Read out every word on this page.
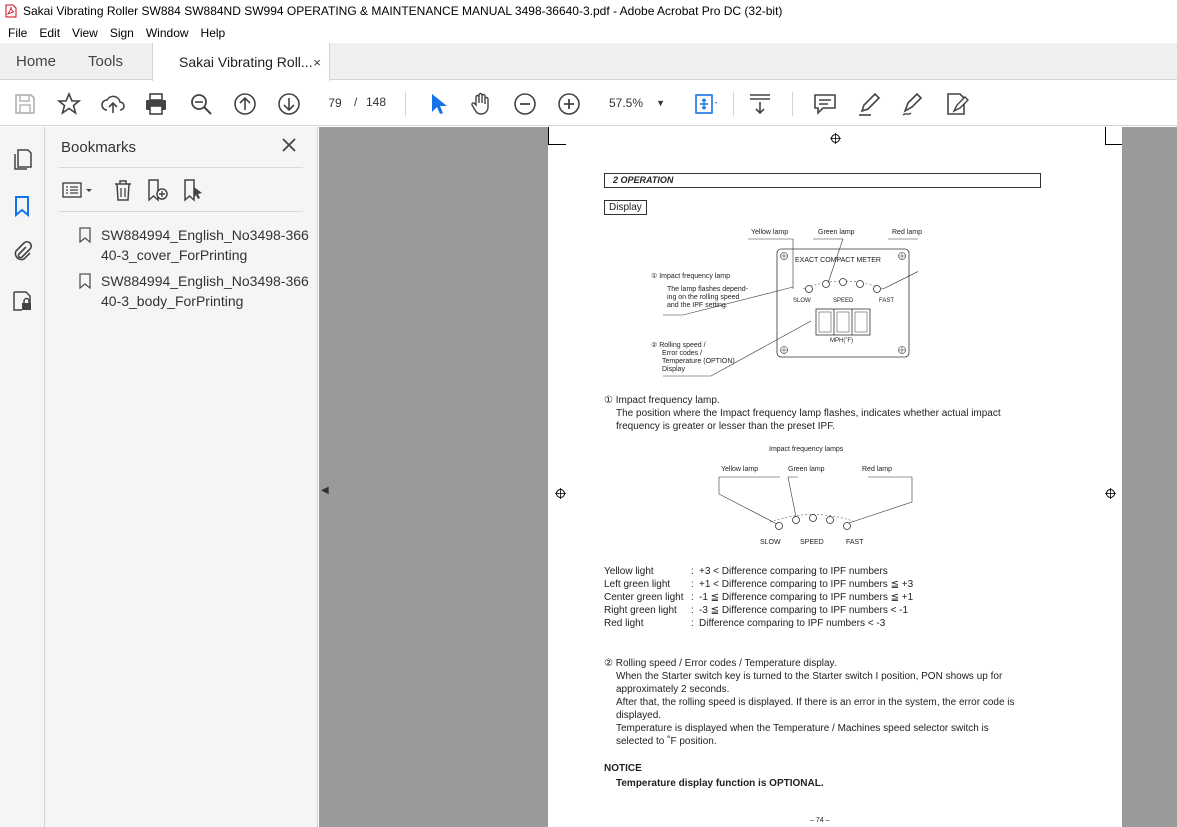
Sakai Vibrating Roller SW884 SW884ND SW994 OPERATING & MAINTENANCE MANUAL 3498-36640-3.pdf - Adobe Acrobat Pro DC (32-bit)
File	Edit	View	Sign	Window	Help
Home Tools	Sakai Vibrating Roll... ×
79	/ 148	57.5% ▼
Bookmarks
SW884994_English_No3498-36640-3_cover_ForPrinting
SW884994_English_No3498-36640-3_body_ForPrinting
◀
2 OPERATION
Display
Yellow lamp	Green lamp	Red lamp
EXACT COMPACT METER
SLOW	SPEED	FAST
MPH(˚F)
① Impact frequency lamp
The lamp flashes depend-
ing on the rolling speed
and the IPF setting.
② Rolling speed /
Error codes /
Temperature (OPTION)
Display
① Impact frequency lamp.
The position where the Impact frequency lamp flashes, indicates whether actual impact
frequency is greater or lesser than the preset IPF.
Impact frequency lamps
Yellow lamp	Green lamp	Red lamp
SLOW	SPEED	FAST
Yellow light	: +3 < Difference comparing to IPF numbers
Left green light : +1 < Difference comparing to IPF numbers ≦ +3
Center green light : -1 ≦ Difference comparing to IPF numbers ≦ +1
Right green light : -3 ≦ Difference comparing to IPF numbers < -1
Red light	: Difference comparing to IPF numbers < -3
② Rolling speed / Error codes / Temperature display.
When the Starter switch key is turned to the Starter switch Ι position, PON shows up for
approximately 2 seconds.
After that, the rolling speed is displayed. If there is an error in the system, the error code is
displayed.
Temperature is displayed when the Temperature / Machines speed selector switch is
selected to ˚F position.
NOTICE
Temperature display function is OPTIONAL.
– 74 –
